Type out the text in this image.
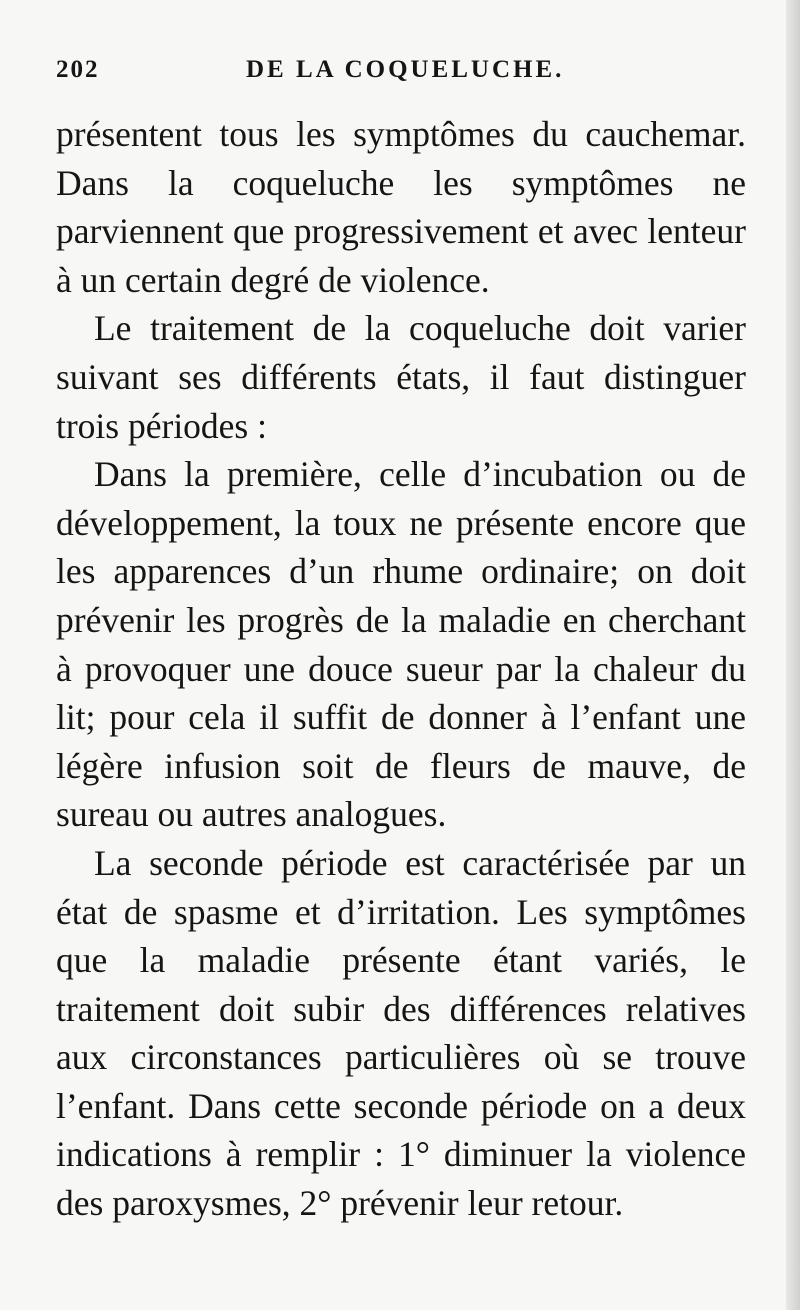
202	DE LA COQUELUCHE.

présentent tous les symptômes du cauchemar. Dans la coqueluche les symptômes ne parviennent que progressivement et avec lenteur à un certain degré de violence.

Le traitement de la coqueluche doit varier suivant ses différents états, il faut distinguer trois périodes :

Dans la première, celle d’incubation ou de développement, la toux ne présente encore que les apparences d’un rhume ordinaire; on doit prévenir les progrès de la maladie en cherchant à provoquer une douce sueur par la chaleur du lit; pour cela il suffit de donner à l’enfant une légère infusion soit de fleurs de mauve, de sureau ou autres analogues.

La seconde période est caractérisée par un état de spasme et d’irritation. Les symptômes que la maladie présente étant variés, le traitement doit subir des différences relatives aux circonstances particulières où se trouve l’enfant. Dans cette seconde période on a deux indications à remplir : 1° diminuer la violence des paroxysmes, 2° prévenir leur retour.
